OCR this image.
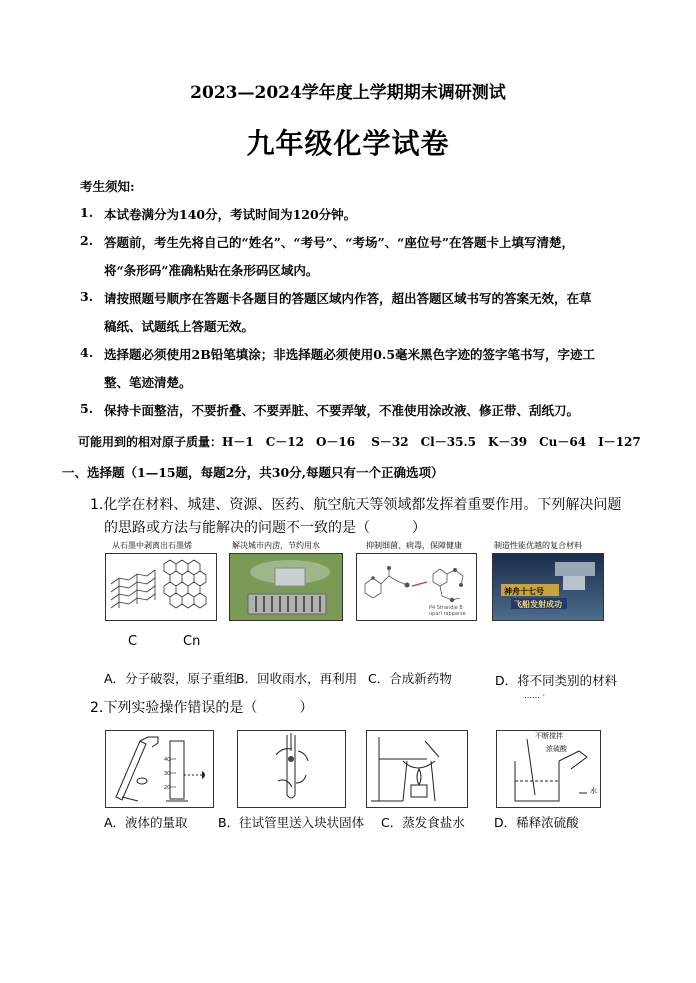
2023—2024学年度上学期期末调研测试
九年级化学试卷
考生须知:
1. 本试卷满分为140分，考试时间为120分钟。
2. 答题前，考生先将自己的“姓名”、“考号”、“考场”、“座位号”在答题卡上填写清楚，
将“条形码”准确粘贴在条形码区域内。
3. 请按照题号顺序在答题卡各题目的答题区域内作答，超出答题区域书写的答案无效，在草
稿纸、试题纸上答题无效。
4. 选择题必须使用2B铅笔填涂；非选择题必须使用0.5毫米黑色字迹的签字笔书写，字迹工
整、笔迹清楚。
5. 保持卡面整洁，不要折叠、不要弄脏、不要弄皱，不准使用涂改液、修正带、刮纸刀。
可能用到的相对原子质量：H－1　C－12　O－16　 S－32　Cl－35.5　K－39　Cu－64　I－127
一、选择题（1—15题，每题2分，共30分,每题只有一个正确选项）
1.化学在材料、城建、资源、医药、航空航天等领域都发挥着重要作用。下列解决问题
的思路或方法与能解决的问题不一致的是（　　　）
从石墨中剥离出石墨烯	解决城市内涝，节约用水	抑制细菌、病毒，保障健康	制造性能优越的复合材料
C	Cn
P4 Strandie B
uparl rapparse
神舟十七号
飞船发射成功
A．分子破裂，原子重组
B．回收雨水，再利用 C．合成新药物	D．将不同类别的材料
…… ·
2.下列实验操作错误的是（　　　）
40
30
20
不断搅拌
浓硫酸
水
A．液体的量取 B．往试管里送入块状固体 C．蒸发食盐水 D．稀释浓硫酸
